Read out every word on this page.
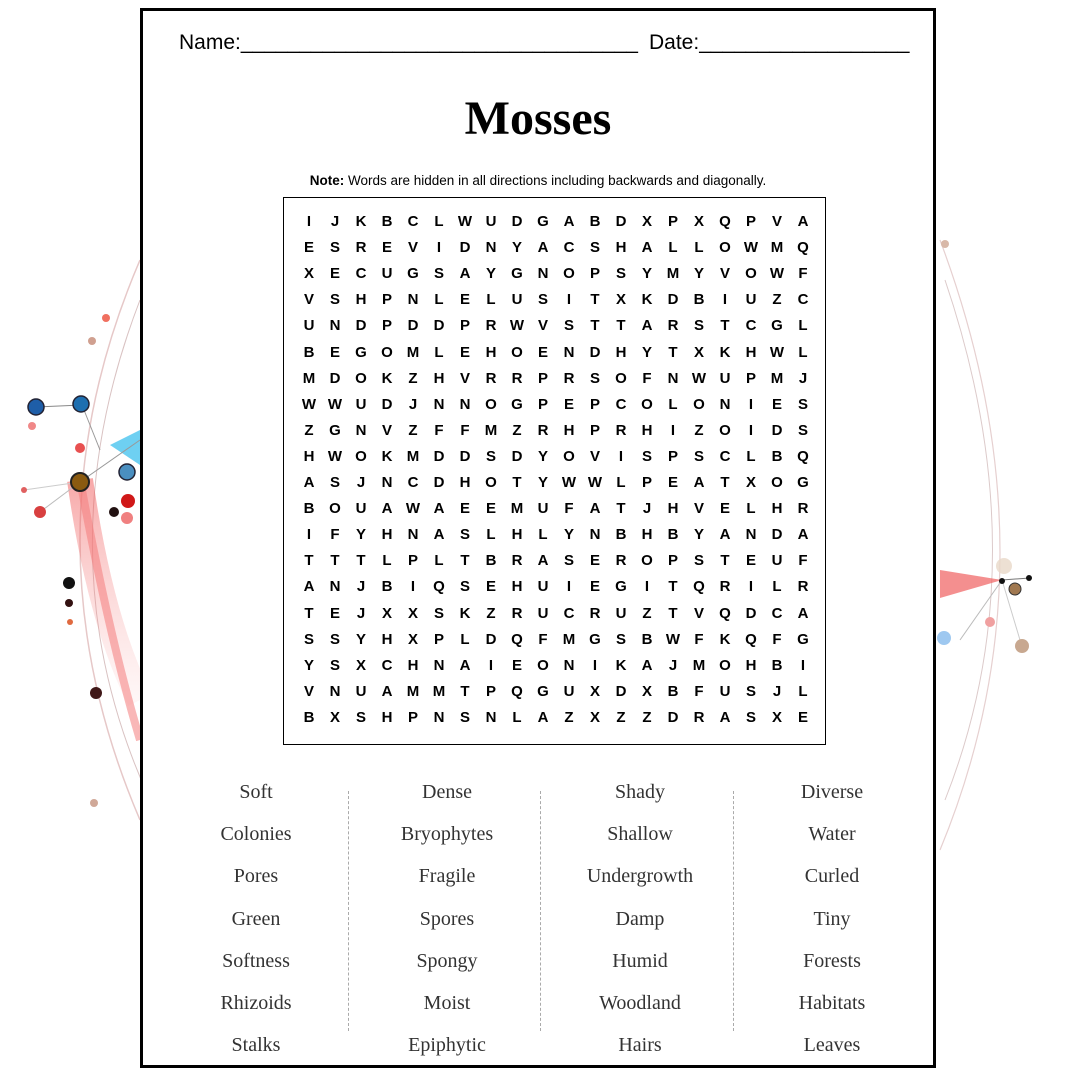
Name:__________________________________ Date:__________________
Mosses
Note: Words are hidden in all directions including backwards and diagonally.
I	J	K	B	C	L W U	D G A	B	D	X	P	X	Q	P	V	A
E	S	R	E	V	I	D	N	Y	A	C	S	H	A	L	L	O W M Q
X	E	C	U G	S	A	Y	G N O	P	S	Y M Y	V	O W F
V	S	H	P	N	L	E	L	U	S	I	T	X	K	D	B	I	U	Z	C
U	N	D	P	D	D	P	R W V	S	T	T	A	R	S	T	C G	L
B	E	G O M	L	E	H O	E	N	D	H	Y	T	X	K	H W L
M D O K	Z	H	V	R	R	P	R	S	O	F	N W U	P M	J
W W U	D	J	N	N O G	P	E	P	C O	L	O N	I	E	S
Z	G N	V	Z	F	F	M	Z	R	H	P	R	H	I	Z	O	I	D	S
H W O K M D	D	S	D	Y	O	V	I	S	P	S	C	L	B Q
A	S	J	N	C	D	H O	T	Y W W L	P	E	A	T	X	O G
B O U	A W A	E	E M U	F	A	T	J	H	V	E	L	H	R
I	F	Y	H	N	A	S	L	H	L	Y	N	B	H	B	Y	A	N	D	A
T	T	T	L	P	L	T	B	R	A	S	E	R O	P	S	T	E	U	F
A	N	J	B	I	Q	S	E	H	U	I	E	G	I	T	Q R	I	L	R
T	E	J	X	X	S	K	Z	R	U	C	R	U	Z	T	V	Q D	C	A
S	S	Y	H	X	P	L	D Q	F	M G	S	B W F	K Q	F	G
Y	S	X	C	H	N	A	I	E	O N	I	K	A	J	M O H	B	I
V	N	U	A M M	T	P	Q G U	X	D	X	B	F	U	S	J	L
B	X	S	H	P	N	S	N	L	A	Z	X	Z	Z	D	R	A	S	X	E
Soft
Colonies
Pores
Green
Softness
Rhizoids
Stalks
Dense
Bryophytes
Fragile
Spores
Spongy
Moist
Epiphytic
Shady
Shallow
Undergrowth
Damp
Humid
Woodland
Hairs
Diverse
Water
Curled
Tiny
Forests
Habitats
Leaves
